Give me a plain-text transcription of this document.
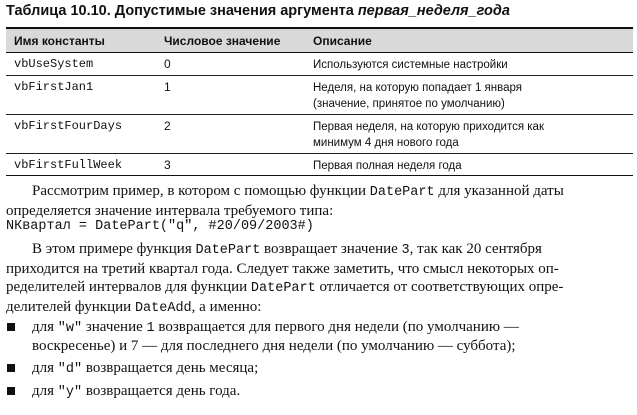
Таблица 10.10. Допустимые значения аргумента первая_неделя_года
Имя константы	Числовое значение	Описание
vbUseSystem	0	Используются системные настройки
vbFirstJan1	1	Неделя, на которую попадает 1 января
(значение, принятое по умолчанию)
vbFirstFourDays	2	Первая неделя, на которую приходится как
минимум 4 дня нового года
vbFirstFullWeek	3	Первая полная неделя года
Рассмотрим пример, в котором с помощью функции DatePart для указанной даты
определяется значение интервала требуемого типа:
NКвартал = DatePart("q", #20/09/2003#)
В этом примере функция DatePart возвращает значение 3, так как 20 сентября
приходится на третий квартал года. Следует также заметить, что смысл некоторых оп-
ределителей интервалов для функции DatePart отличается от соответствующих опре-
делителей функции DateAdd, а именно:
для "w" значение 1 возвращается для первого дня недели (по умолчанию —
воскресенье) и 7 — для последнего дня недели (по умолчанию — суббота);
для "d" возвращается день месяца;
для "y" возвращается день года.
